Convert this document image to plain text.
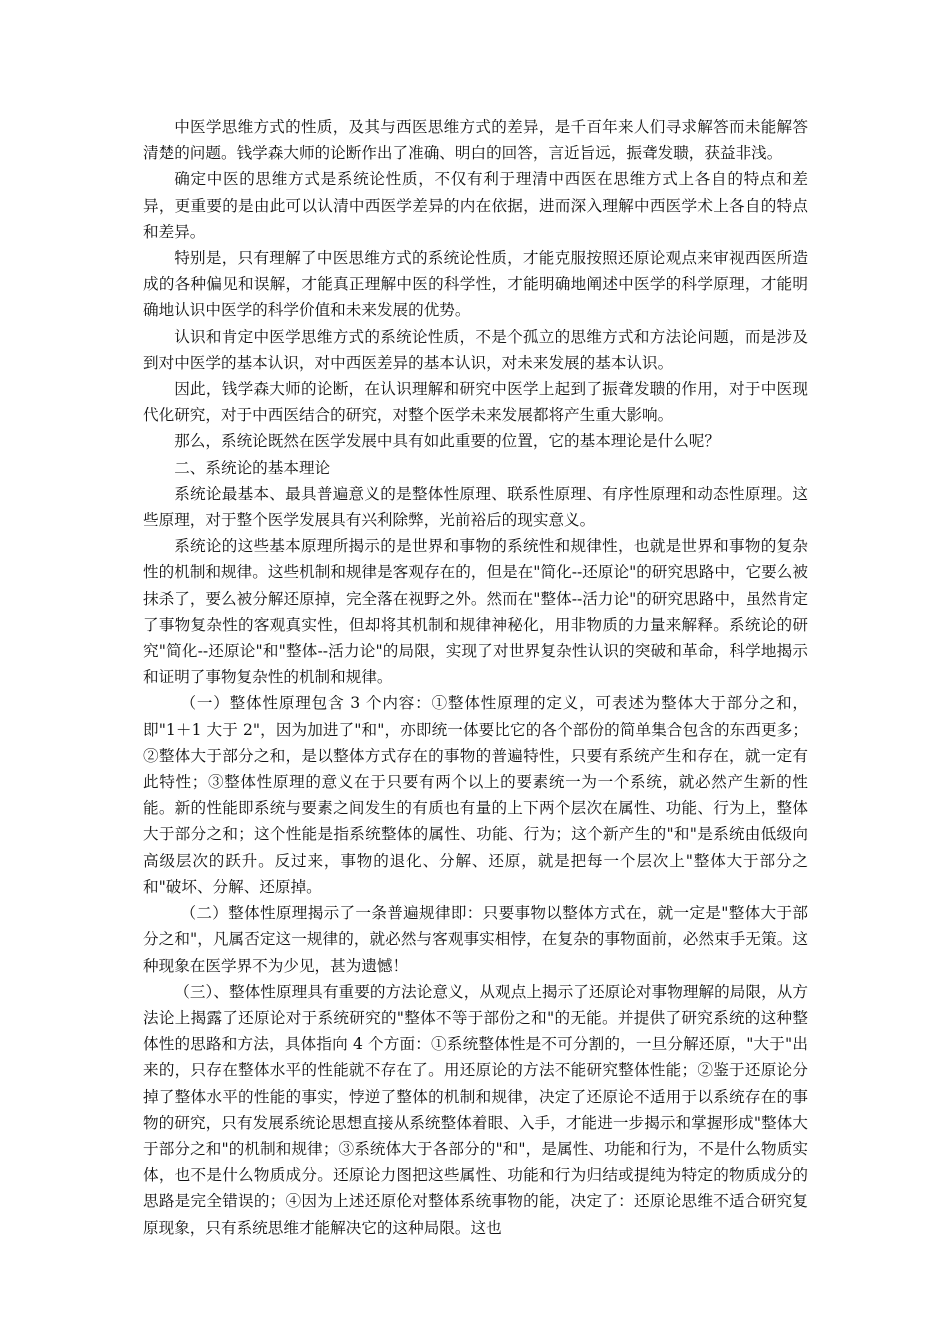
中医学思维方式的性质，及其与西医思维方式的差异，是千百年来人们寻求解答而未能解答清楚的问题。钱学森大师的论断作出了准确、明白的回答，言近旨远，振聋发聩，获益非浅。

确定中医的思维方式是系统论性质，不仅有利于理清中西医在思维方式上各自的特点和差异，更重要的是由此可以认清中西医学差异的内在依据，进而深入理解中西医学术上各自的特点和差异。

特别是，只有理解了中医思维方式的系统论性质，才能克服按照还原论观点来审视西医所造成的各种偏见和误解，才能真正理解中医的科学性，才能明确地阐述中医学的科学原理，才能明确地认识中医学的科学价值和未来发展的优势。

认识和肯定中医学思维方式的系统论性质，不是个孤立的思维方式和方法论问题，而是涉及到对中医学的基本认识，对中西医差异的基本认识，对未来发展的基本认识。

因此，钱学森大师的论断，在认识理解和研究中医学上起到了振聋发聩的作用，对于中医现代化研究，对于中西医结合的研究，对整个医学未来发展都将产生重大影响。

那么，系统论既然在医学发展中具有如此重要的位置，它的基本理论是什么呢？

二、系统论的基本理论

系统论最基本、最具普遍意义的是整体性原理、联系性原理、有序性原理和动态性原理。这些原理，对于整个医学发展具有兴利除弊，光前裕后的现实意义。

系统论的这些基本原理所揭示的是世界和事物的系统性和规律性，也就是世界和事物的复杂性的机制和规律。这些机制和规律是客观存在的，但是在"简化--还原论"的研究思路中，它要么被抹杀了，要么被分解还原掉，完全落在视野之外。然而在"整体--活力论"的研究思路中，虽然肯定了事物复杂性的客观真实性，但却将其机制和规律神秘化，用非物质的力量来解释。系统论的研究"简化--还原论"和"整体--活力论"的局限，实现了对世界复杂性认识的突破和革命，科学地揭示和证明了事物复杂性的机制和规律。

（一）整体性原理包含 3 个内容：①整体性原理的定义，可表述为整体大于部分之和，即"1＋1 大于 2"，因为加进了"和"，亦即统一体要比它的各个部份的简单集合包含的东西更多；②整体大于部分之和，是以整体方式存在的事物的普遍特性，只要有系统产生和存在，就一定有此特性；③整体性原理的意义在于只要有两个以上的要素统一为一个系统，就必然产生新的性能。新的性能即系统与要素之间发生的有质也有量的上下两个层次在属性、功能、行为上，整体大于部分之和；这个性能是指系统整体的属性、功能、行为；这个新产生的"和"是系统由低级向高级层次的跃升。反过来，事物的退化、分解、还原，就是把每一个层次上"整体大于部分之和"破坏、分解、还原掉。

（二）整体性原理揭示了一条普遍规律即：只要事物以整体方式在，就一定是"整体大于部分之和"，凡属否定这一规律的，就必然与客观事实相悖，在复杂的事物面前，必然束手无策。这种现象在医学界不为少见，甚为遗憾！

（三）、整体性原理具有重要的方法论意义，从观点上揭示了还原论对事物理解的局限，从方法论上揭露了还原论对于系统研究的"整体不等于部份之和"的无能。并提供了研究系统的这种整体性的思路和方法，具体指向 4 个方面：①系统整体性是不可分割的，一旦分解还原，"大于"出来的，只存在整体水平的性能就不存在了。用还原论的方法不能研究整体性能；②鉴于还原论分掉了整体水平的性能的事实，悖逆了整体的机制和规律，决定了还原论不适用于以系统存在的事物的研究，只有发展系统论思想直接从系统整体着眼、入手，才能进一步揭示和掌握形成"整体大于部分之和"的机制和规律；③系统体大于各部分的"和"，是属性、功能和行为，不是什么物质实体，也不是什么物质成分。还原论力图把这些属性、功能和行为归结或提纯为特定的物质成分的思路是完全错误的；④因为上述还原伦对整体系统事物的能，决定了：还原论思维不适合研究复原现象，只有系统思维才能解决它的这种局限。这也
